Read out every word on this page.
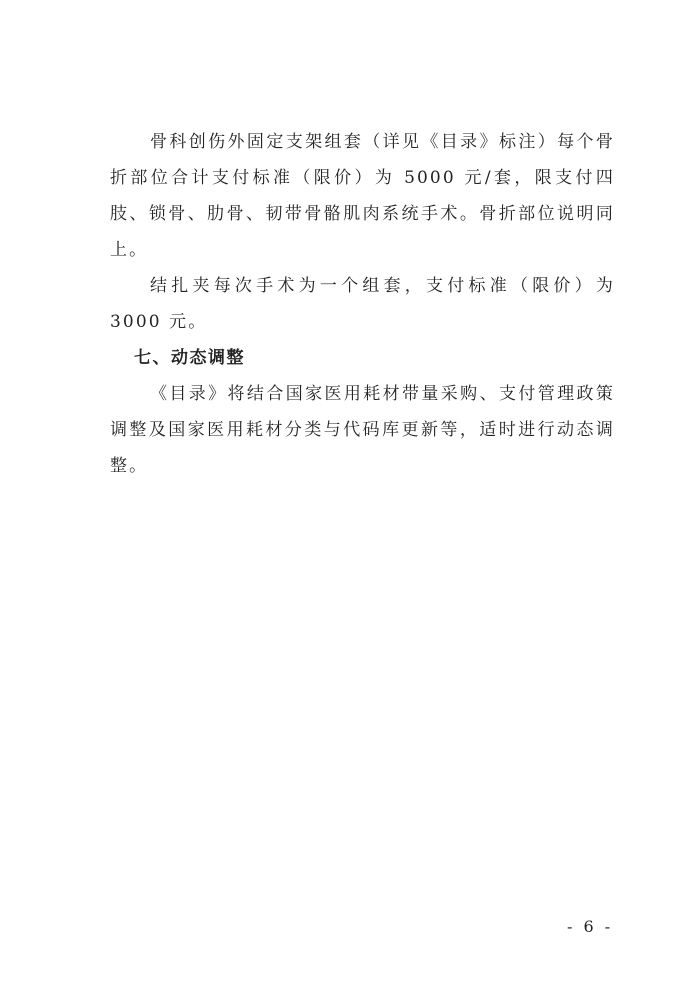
骨科创伤外固定支架组套（详见《目录》标注）每个骨折部位合计支付标准（限价）为 5000 元/套，限支付四肢、锁骨、肋骨、韧带骨骼肌肉系统手术。骨折部位说明同上。

结扎夹每次手术为一个组套，支付标准（限价）为 3000 元。

七、动态调整

《目录》将结合国家医用耗材带量采购、支付管理政策调整及国家医用耗材分类与代码库更新等，适时进行动态调整。

- 6 -
